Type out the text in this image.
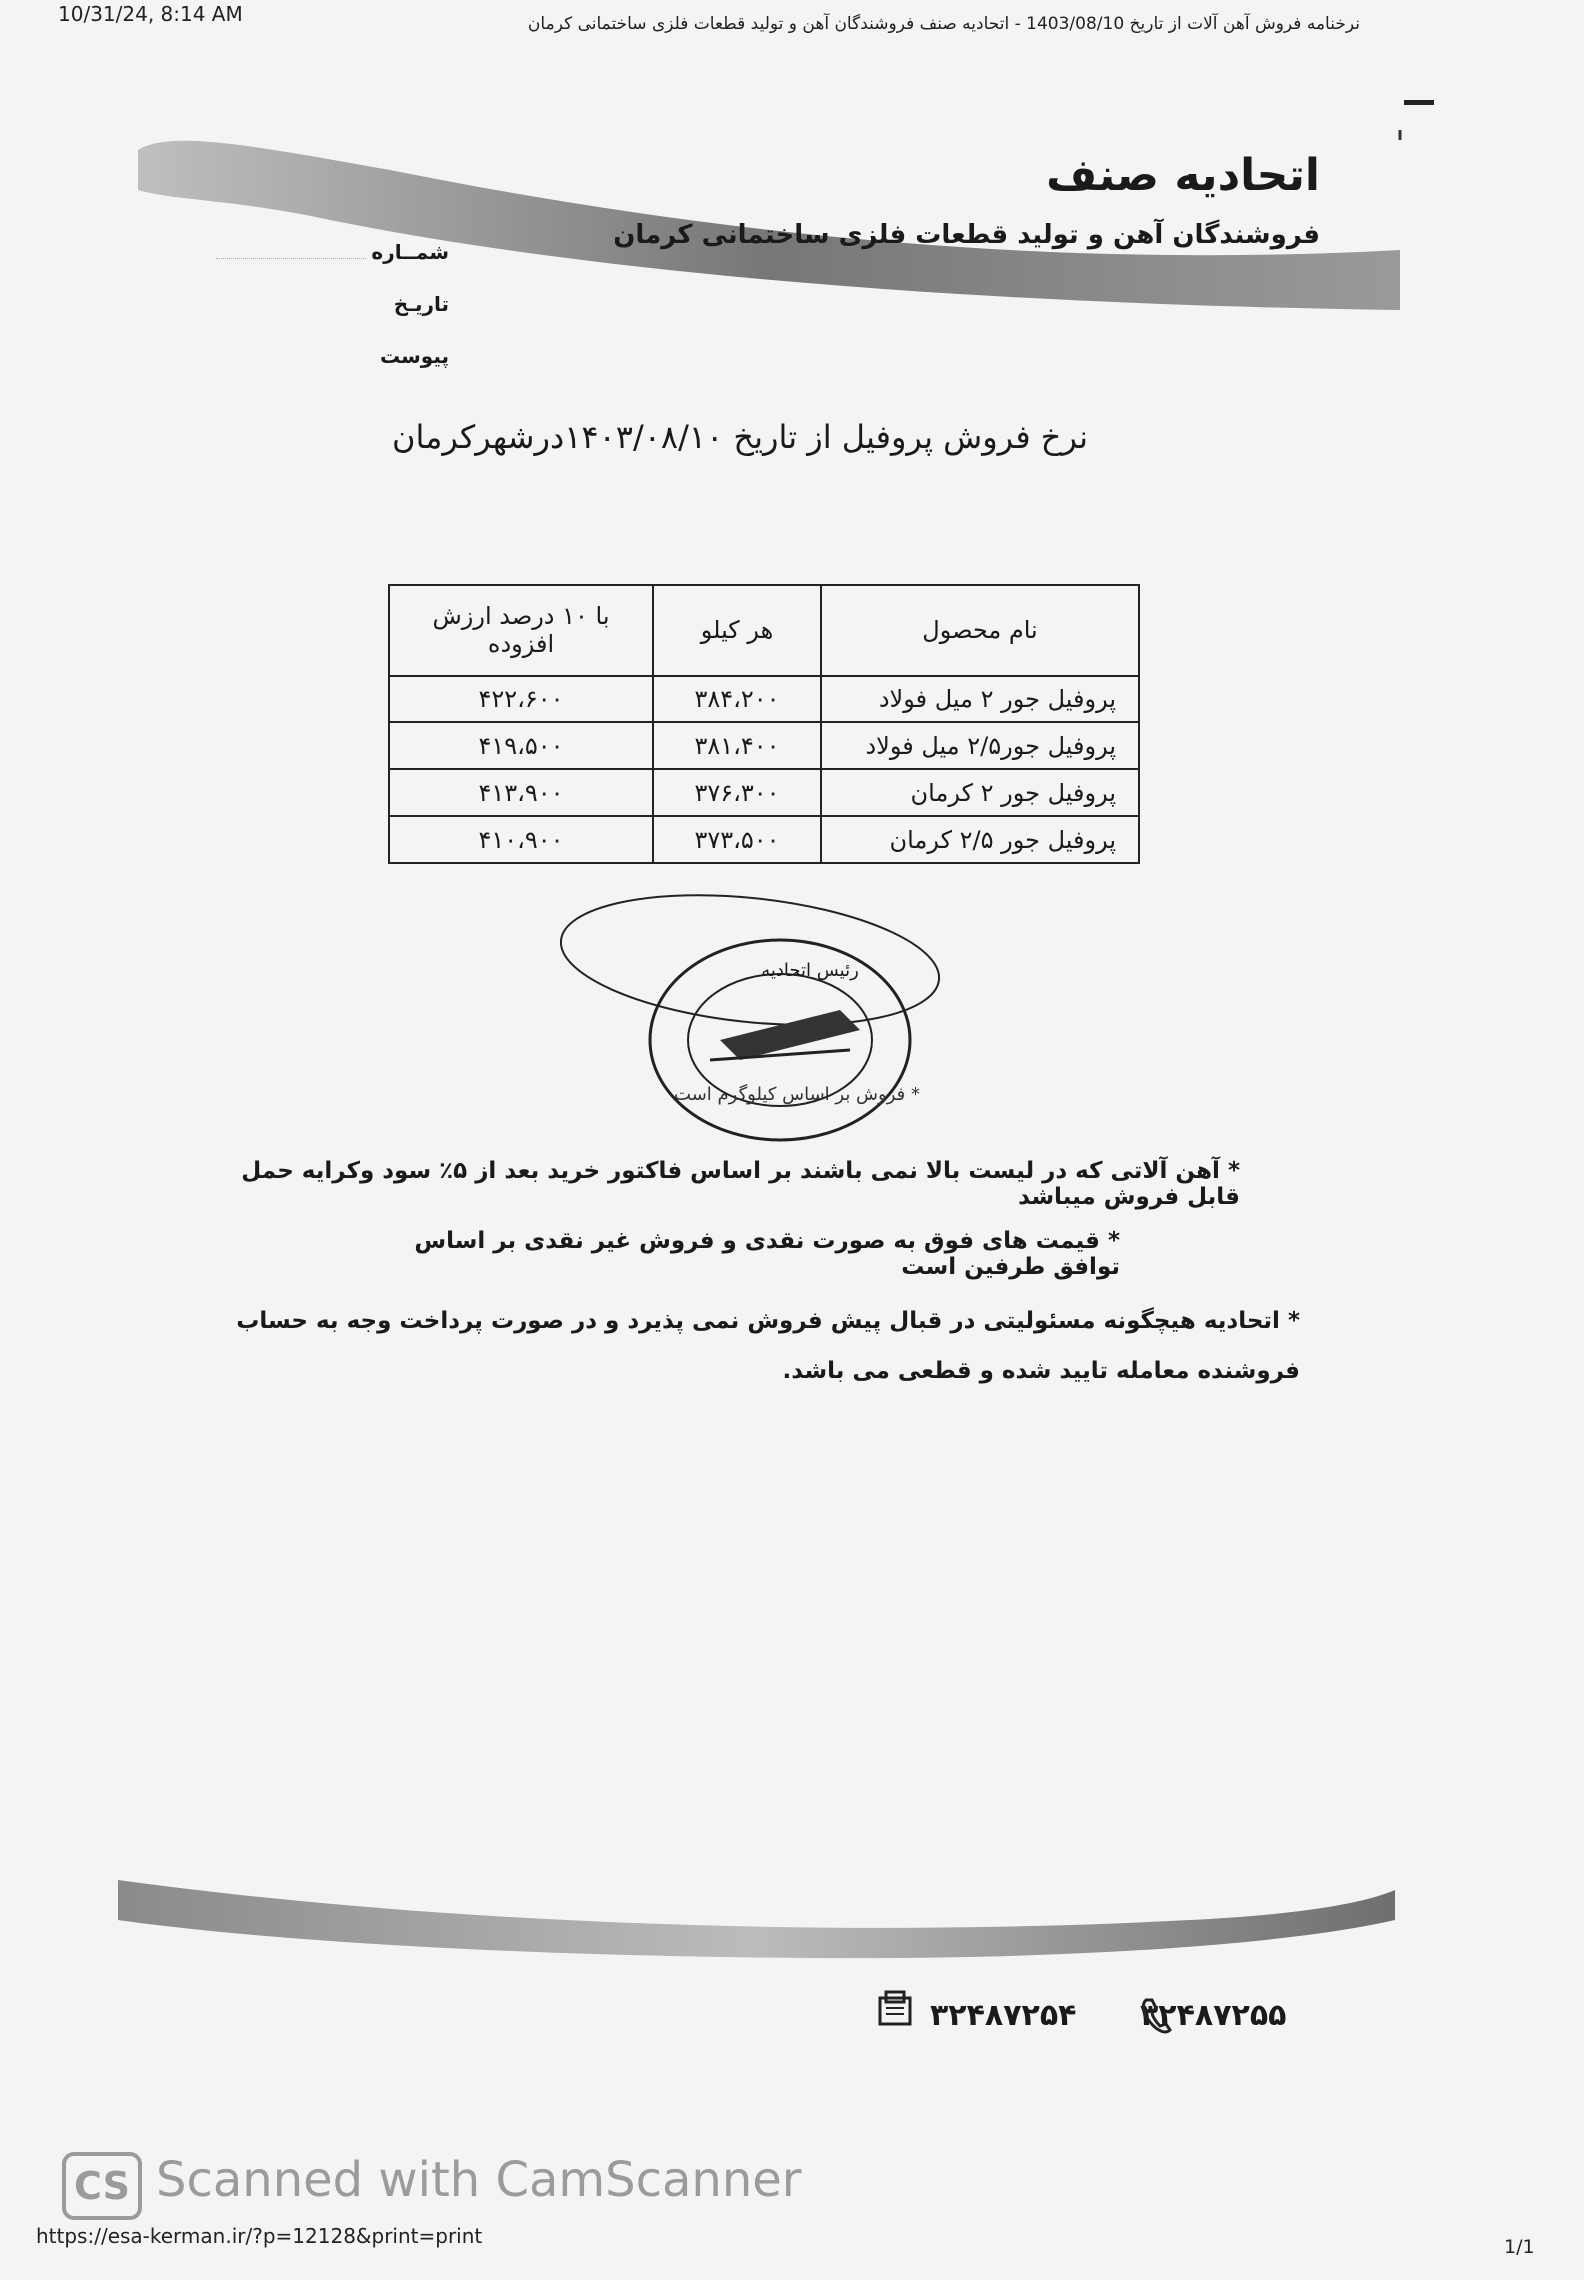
10/31/24, 8:14 AM	نرخنامه فروش آهن آلات از تاریخ 1403/08/10 - اتحادیه صنف فروشندگان آهن و تولید قطعات فلزی ساختمانی کرمان
اتحادیه صنف
فروشندگان آهن و تولید قطعات فلزی ساختمانی کرمان
شمــاره
تاریـخ
پیوست
نرخ فروش پروفیل از تاریخ ۱۴۰۳/۰۸/۱۰درشهرکرمان
نام محصول	هر کیلو	با ۱۰ درصد ارزش افزوده
پروفیل جور ۲ میل فولاد	۳۸۴،۲۰۰	۴۲۲،۶۰۰
پروفیل جور۲/۵ میل فولاد	۳۸۱،۴۰۰	۴۱۹،۵۰۰
پروفیل جور ۲ کرمان	۳۷۶،۳۰۰	۴۱۳،۹۰۰
پروفیل جور ۲/۵ کرمان	۳۷۳،۵۰۰	۴۱۰،۹۰۰
رئیس اتحادیه
* فروش بر اساس کیلوگرم است
* آهن آلاتی که در لیست بالا نمی باشند بر اساس فاکتور خرید بعد از ۵٪ سود وکرایه حمل قابل فروش میباشد
* قیمت های فوق به صورت نقدی و فروش غیر نقدی بر اساس توافق طرفین است
* اتحادیه هیچگونه مسئولیتی در قبال پیش فروش نمی پذیرد و در صورت پرداخت وجه به حساب فروشنده معامله تایید شده و قطعی می باشد.
۳۲۴۸۷۲۵۴ ۳۲۴۸۷۲۵۵
CS Scanned with CamScanner
https://esa-kerman.ir/?p=12128&print=print	1/1
